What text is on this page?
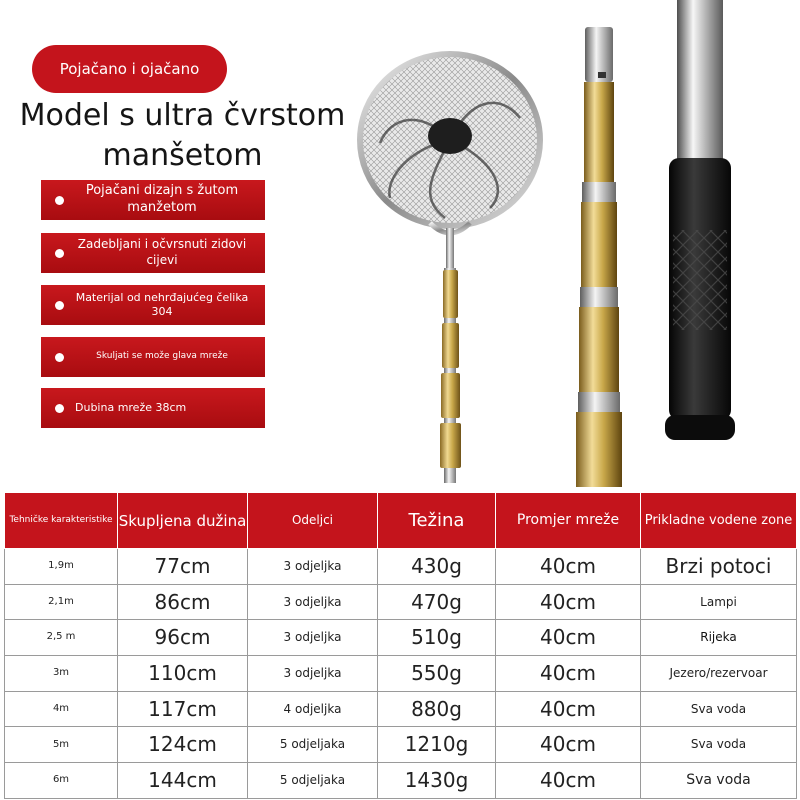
Pojačano i ojačano
Model s ultra čvrstom manšetom
Pojačani dizajn s žutom manžetom
Zadebljani i očvrsnuti zidovi cijevi
Materijal od nehrđajućeg čelika 304
Skuljati se može glava mreže
Dubina mreže 38cm
Tehničke karakteristike	Skupljena dužina	Odeljci	Težina	Promjer mreže	Prikladne vodene zone
1,9m	77cm	3 odjeljka	430g	40cm	Brzi potoci
2,1m	86cm	3 odjeljka	470g	40cm	Lampi
2,5 m	96cm	3 odjeljka	510g	40cm	Rijeka
3m	110cm	3 odjeljka	550g	40cm	Jezero/rezervoar
4m	117cm	4 odjeljka	880g	40cm	Sva voda
5m	124cm	5 odjeljaka	1210g	40cm	Sva voda
6m	144cm	5 odjeljaka	1430g	40cm	Sva voda
